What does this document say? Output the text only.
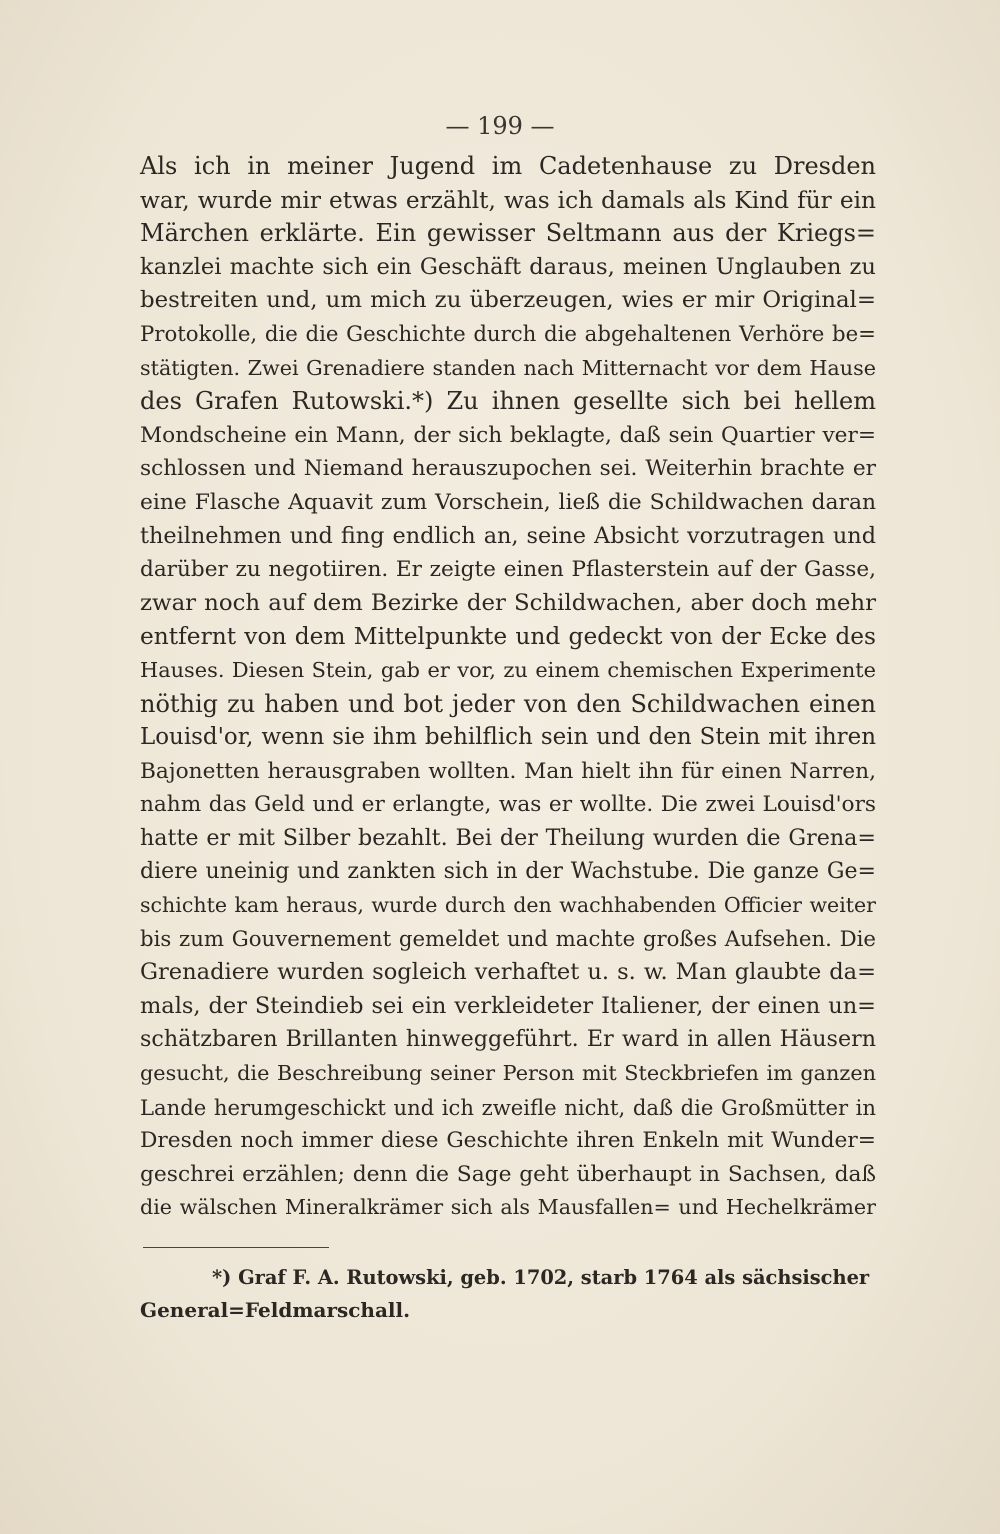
— 199 —
Als ich in meiner Jugend im Cadetenhause zu Dresden
war, wurde mir etwas erzählt, was ich damals als Kind für ein
Märchen erklärte. Ein gewisser Seltmann aus der Kriegs=
kanzlei machte sich ein Geschäft daraus, meinen Unglauben zu
bestreiten und, um mich zu überzeugen, wies er mir Original=
Protokolle, die die Geschichte durch die abgehaltenen Verhöre be=
stätigten. Zwei Grenadiere standen nach Mitternacht vor dem Hause
des Grafen Rutowski.*) Zu ihnen gesellte sich bei hellem
Mondscheine ein Mann, der sich beklagte, daß sein Quartier ver=
schlossen und Niemand herauszupochen sei. Weiterhin brachte er
eine Flasche Aquavit zum Vorschein, ließ die Schildwachen daran
theilnehmen und fing endlich an, seine Absicht vorzutragen und
darüber zu negotiiren. Er zeigte einen Pflasterstein auf der Gasse,
zwar noch auf dem Bezirke der Schildwachen, aber doch mehr
entfernt von dem Mittelpunkte und gedeckt von der Ecke des
Hauses. Diesen Stein, gab er vor, zu einem chemischen Experimente
nöthig zu haben und bot jeder von den Schildwachen einen
Louisd'or, wenn sie ihm behilflich sein und den Stein mit ihren
Bajonetten herausgraben wollten. Man hielt ihn für einen Narren,
nahm das Geld und er erlangte, was er wollte. Die zwei Louisd'ors
hatte er mit Silber bezahlt. Bei der Theilung wurden die Grena=
diere uneinig und zankten sich in der Wachstube. Die ganze Ge=
schichte kam heraus, wurde durch den wachhabenden Officier weiter
bis zum Gouvernement gemeldet und machte großes Aufsehen. Die
Grenadiere wurden sogleich verhaftet u. s. w. Man glaubte da=
mals, der Steindieb sei ein verkleideter Italiener, der einen un=
schätzbaren Brillanten hinweggeführt. Er ward in allen Häusern
gesucht, die Beschreibung seiner Person mit Steckbriefen im ganzen
Lande herumgeschickt und ich zweifle nicht, daß die Großmütter in
Dresden noch immer diese Geschichte ihren Enkeln mit Wunder=
geschrei erzählen; denn die Sage geht überhaupt in Sachsen, daß
die wälschen Mineralkrämer sich als Mausfallen= und Hechelkrämer
*) Graf F. A. Rutowski, geb. 1702, starb 1764 als sächsischer
General=Feldmarschall.
